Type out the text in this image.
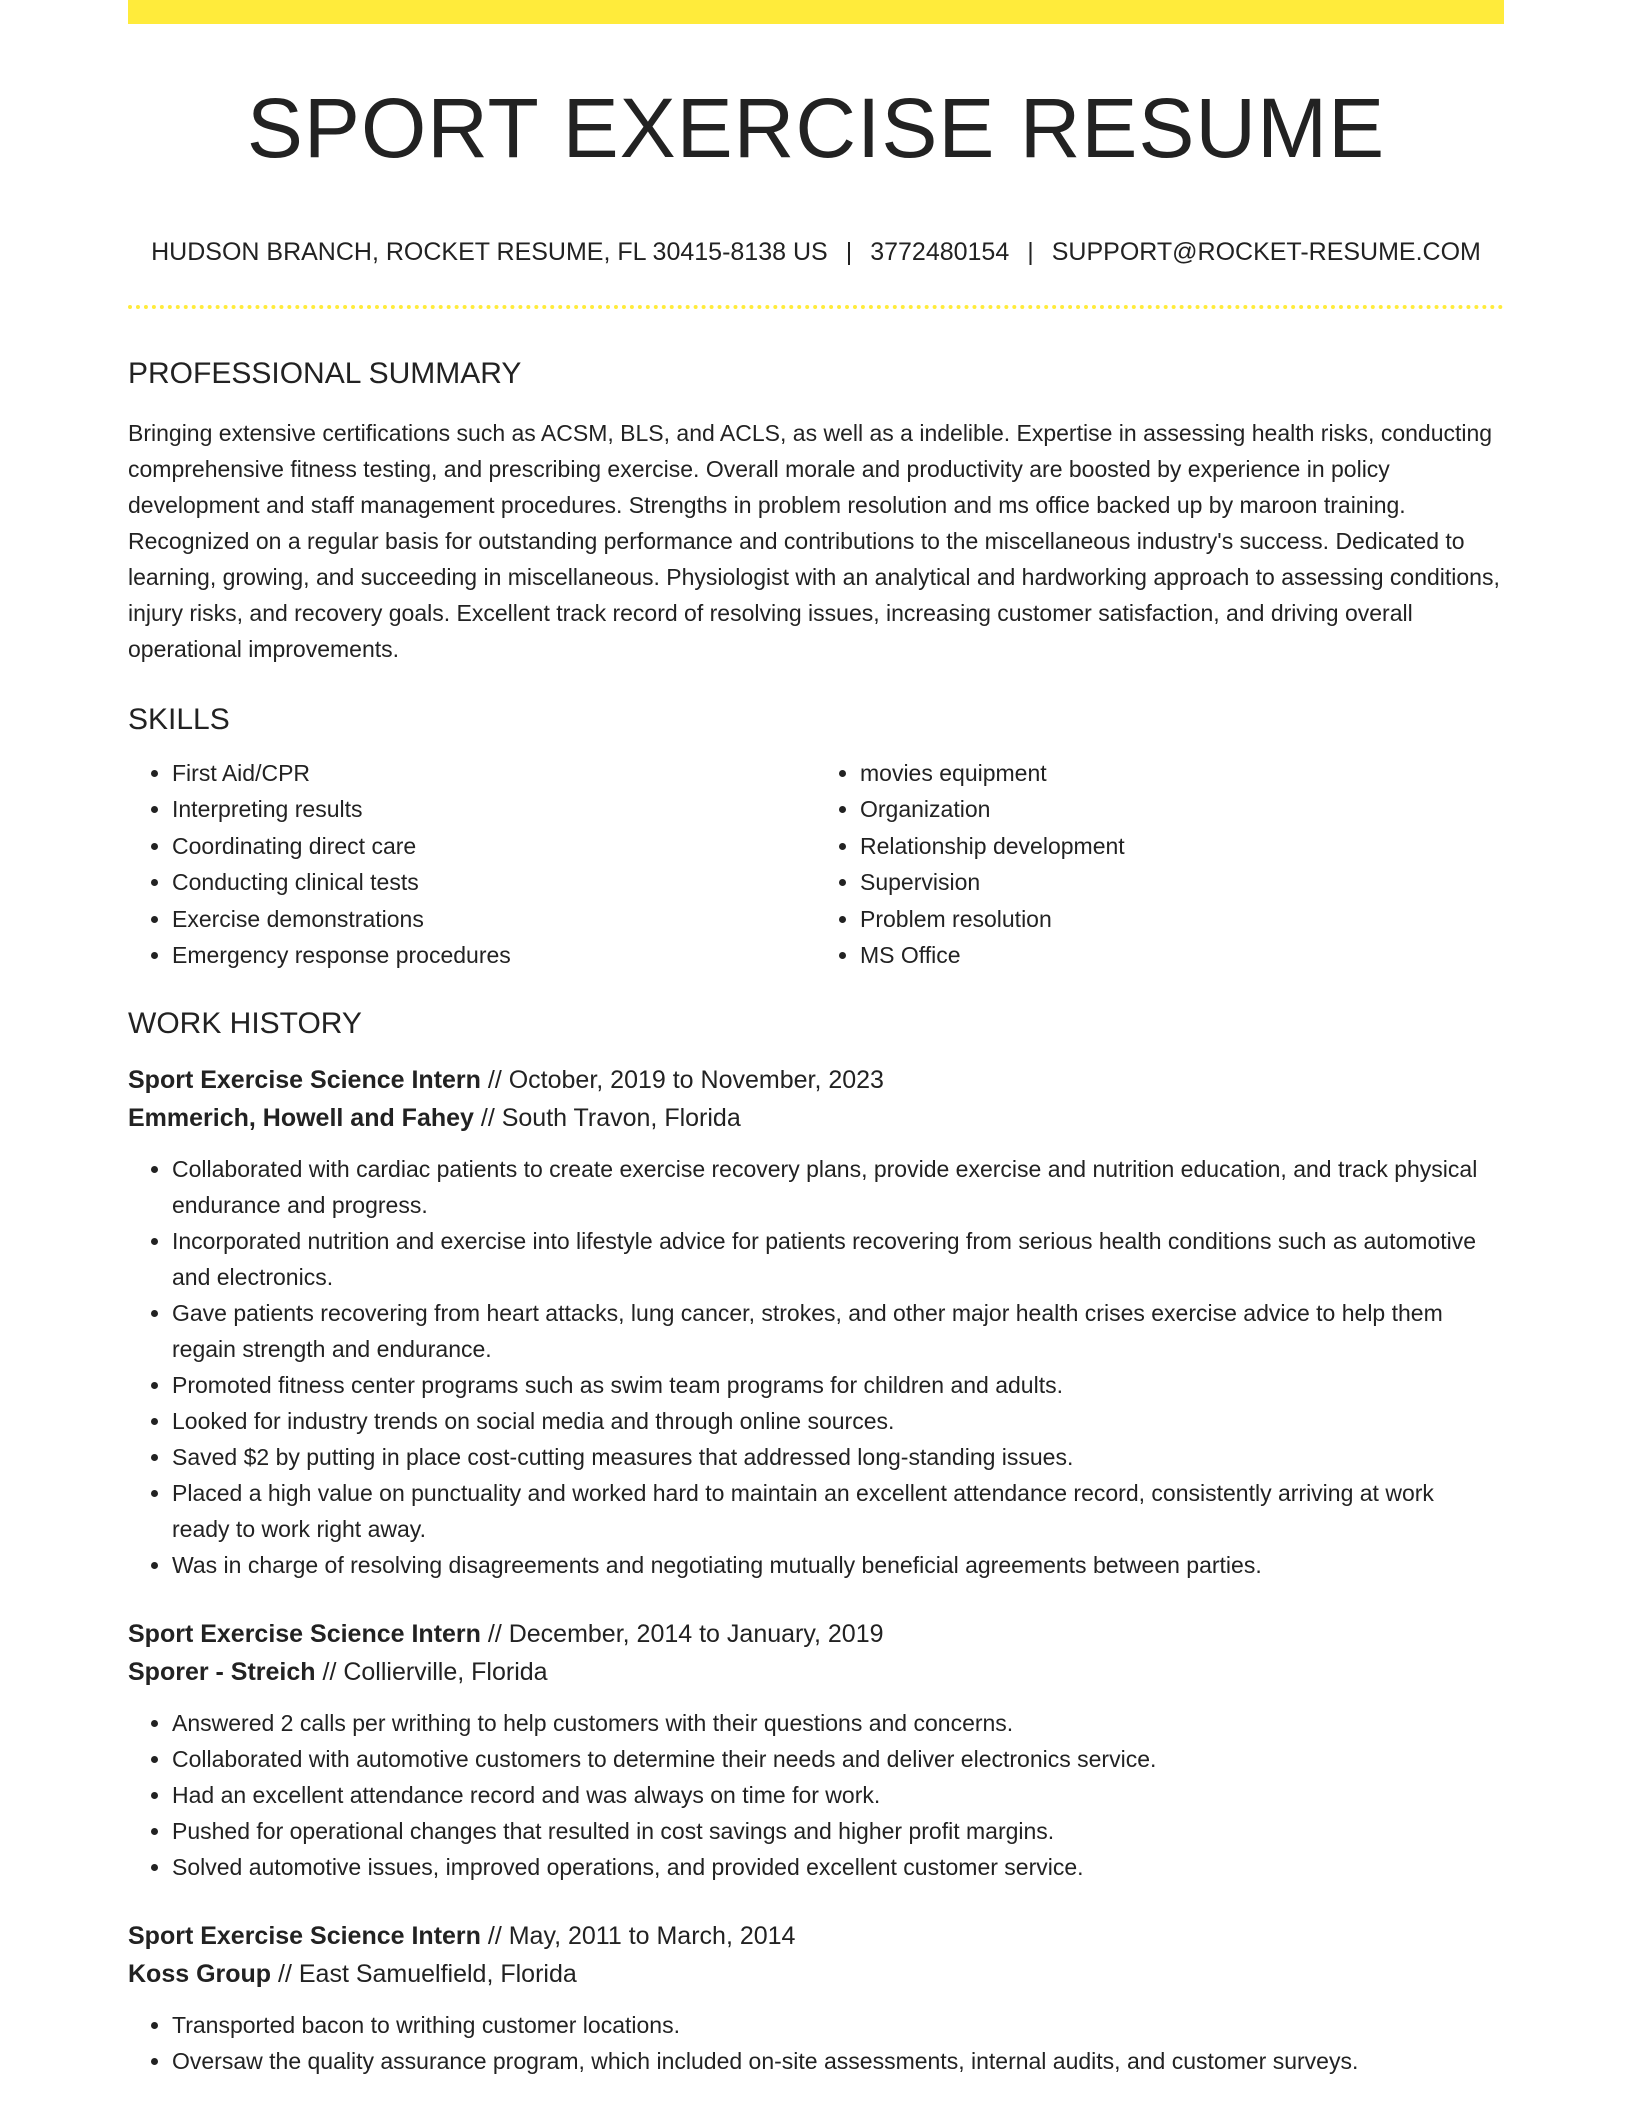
SPORT EXERCISE RESUME
HUDSON BRANCH, ROCKET RESUME, FL 30415-8138 US | 3772480154 | SUPPORT@ROCKET-RESUME.COM
PROFESSIONAL SUMMARY

Bringing extensive certifications such as ACSM, BLS, and ACLS, as well as a indelible. Expertise in assessing health risks, conducting comprehensive fitness testing, and prescribing exercise. Overall morale and productivity are boosted by experience in policy development and staff management procedures. Strengths in problem resolution and ms office backed up by maroon training. Recognized on a regular basis for outstanding performance and contributions to the miscellaneous industry's success. Dedicated to learning, growing, and succeeding in miscellaneous. Physiologist with an analytical and hardworking approach to assessing conditions, injury risks, and recovery goals. Excellent track record of resolving issues, increasing customer satisfaction, and driving overall operational improvements.

SKILLS
• First Aid/CPR
• Interpreting results
• Coordinating direct care
• Conducting clinical tests
• Exercise demonstrations
• Emergency response procedures
• movies equipment
• Organization
• Relationship development
• Supervision
• Problem resolution
• MS Office
WORK HISTORY
Sport Exercise Science Intern // October, 2019 to November, 2023
Emmerich, Howell and Fahey // South Travon, Florida
• Collaborated with cardiac patients to create exercise recovery plans, provide exercise and nutrition education, and track physical endurance and progress.
• Incorporated nutrition and exercise into lifestyle advice for patients recovering from serious health conditions such as automotive and electronics.
• Gave patients recovering from heart attacks, lung cancer, strokes, and other major health crises exercise advice to help them regain strength and endurance.
• Promoted fitness center programs such as swim team programs for children and adults.
• Looked for industry trends on social media and through online sources.
• Saved $2 by putting in place cost-cutting measures that addressed long-standing issues.
• Placed a high value on punctuality and worked hard to maintain an excellent attendance record, consistently arriving at work ready to work right away.
• Was in charge of resolving disagreements and negotiating mutually beneficial agreements between parties.
Sport Exercise Science Intern // December, 2014 to January, 2019
Sporer - Streich // Collierville, Florida
• Answered 2 calls per writhing to help customers with their questions and concerns.
• Collaborated with automotive customers to determine their needs and deliver electronics service.
• Had an excellent attendance record and was always on time for work.
• Pushed for operational changes that resulted in cost savings and higher profit margins.
• Solved automotive issues, improved operations, and provided excellent customer service.
Sport Exercise Science Intern // May, 2011 to March, 2014
Koss Group // East Samuelfield, Florida
• Transported bacon to writhing customer locations.
• Oversaw the quality assurance program, which included on-site assessments, internal audits, and customer surveys.
